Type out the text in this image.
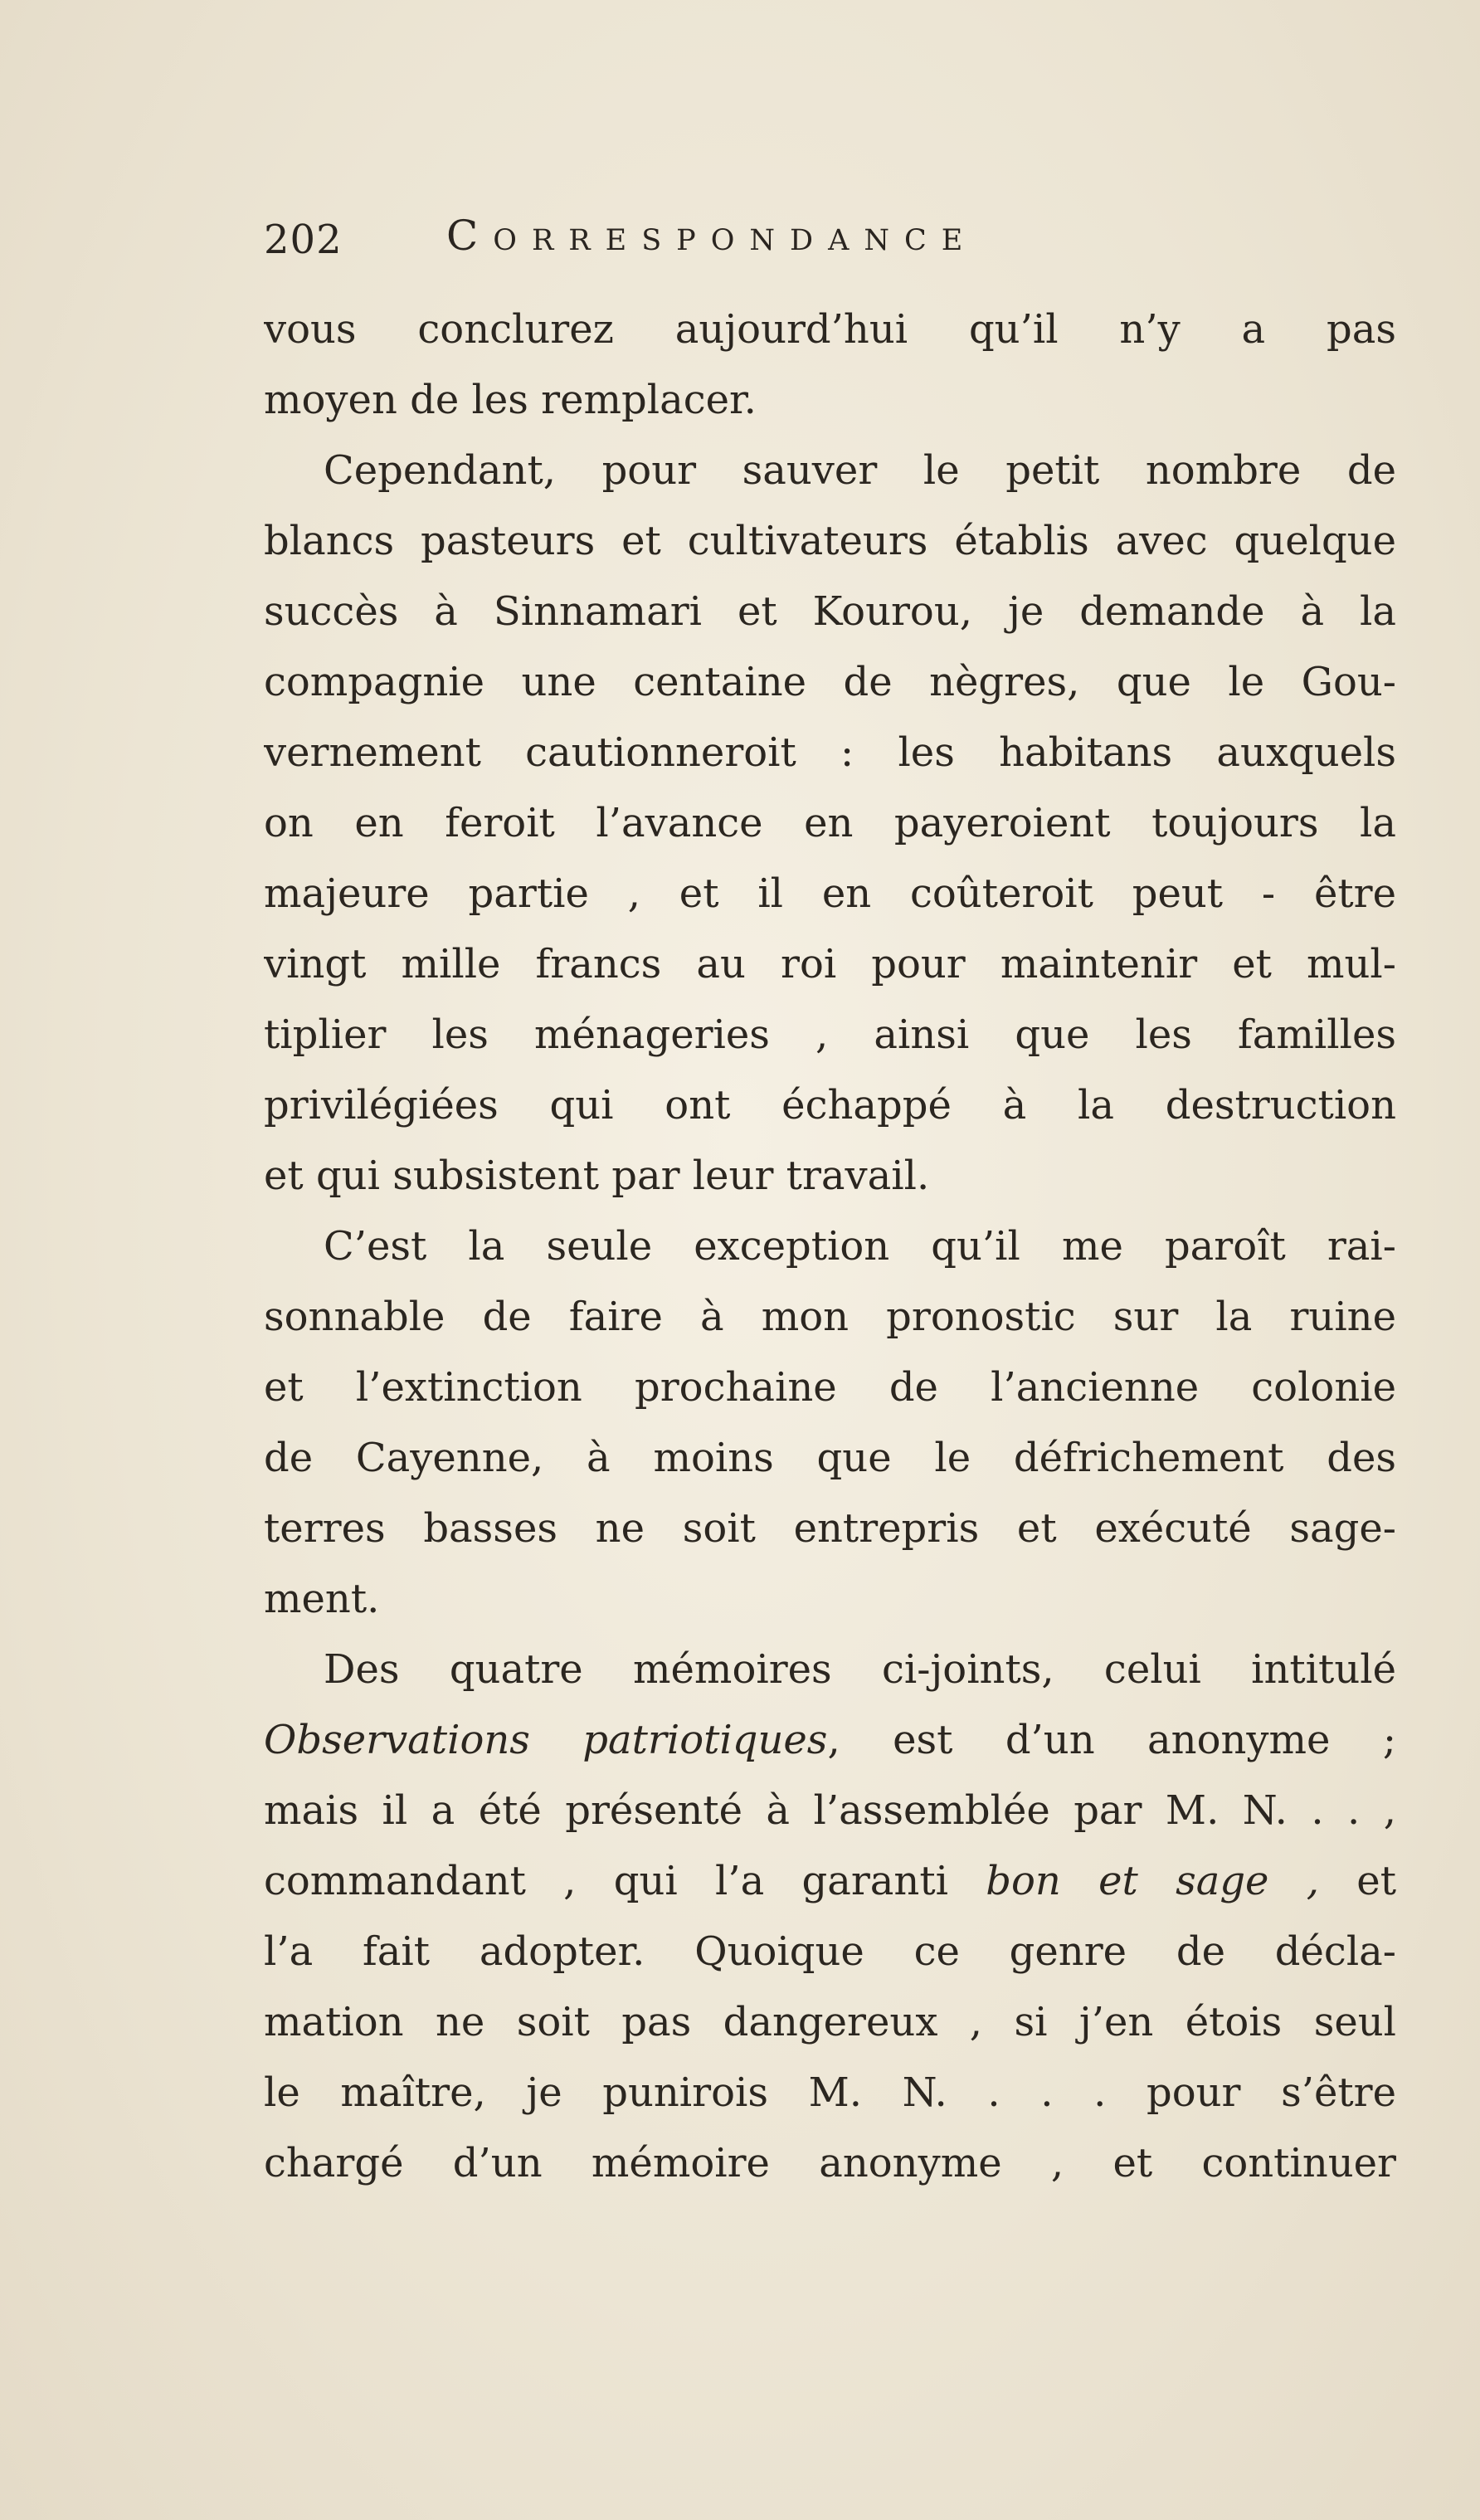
202	Correspondance
vous conclurez aujourd’hui qu’il n’y a pas
moyen de les remplacer.
Cependant, pour sauver le petit nombre de
blancs pasteurs et cultivateurs établis avec quelque
succès à Sinnamari et Kourou, je demande à la
compagnie une centaine de nègres, que le Gou-
vernement cautionneroit : les habitans auxquels
on en feroit l’avance en payeroient toujours la
majeure partie , et il en coûteroit peut - être
vingt mille francs au roi pour maintenir et mul-
tiplier les ménageries , ainsi que les familles
privilégiées qui ont échappé à la destruction
et qui subsistent par leur travail.
C’est la seule exception qu’il me paroît rai-
sonnable de faire à mon pronostic sur la ruine
et l’extinction prochaine de l’ancienne colonie
de Cayenne, à moins que le défrichement des
terres basses ne soit entrepris et exécuté sage-
ment.
Des quatre mémoires ci-joints, celui intitulé
Observations patriotiques, est d’un anonyme ;
mais il a été présenté à l’assemblée par M. N. . . ,
commandant , qui l’a garanti bon et sage , et
l’a fait adopter. Quoique ce genre de décla-
mation ne soit pas dangereux , si j’en étois seul
le maître, je punirois M. N. . . . pour s’être
chargé d’un mémoire anonyme , et continuer
